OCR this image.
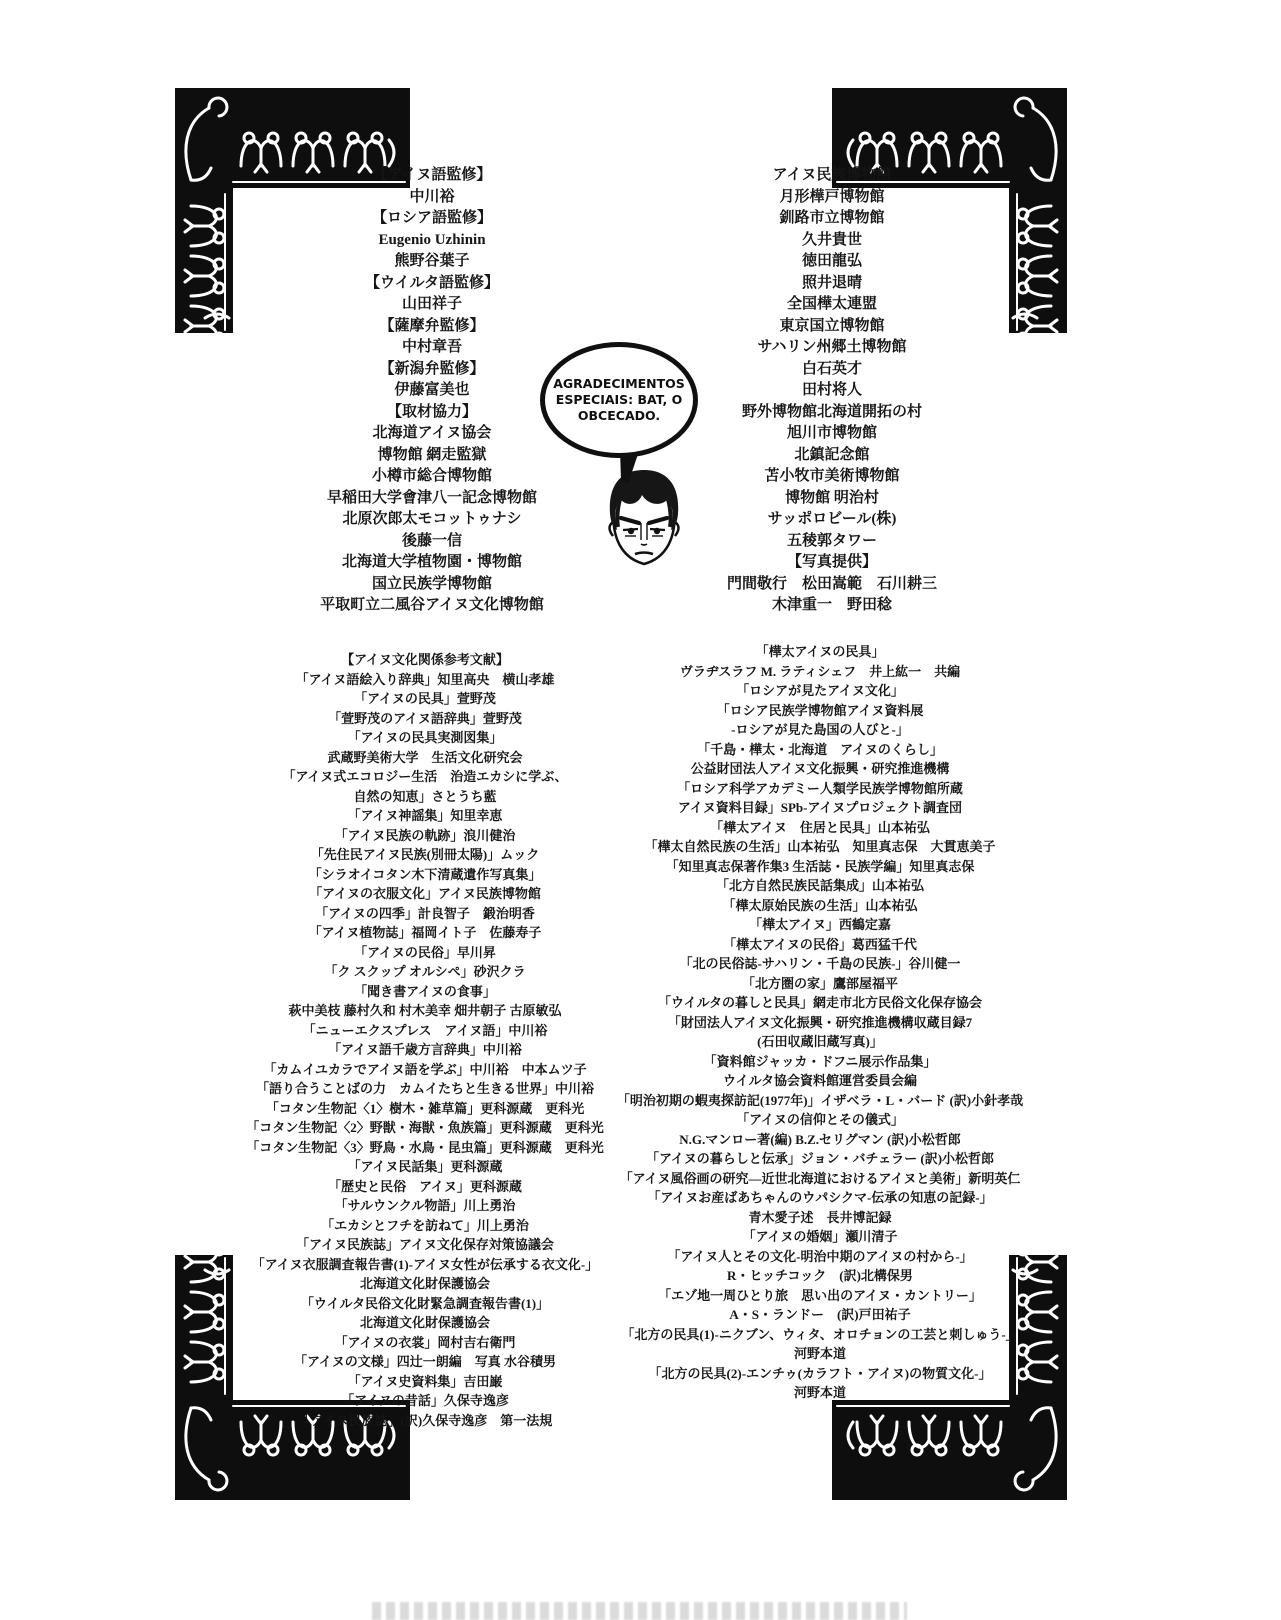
【アイヌ語監修】
中川裕
【ロシア語監修】
Eugenio Uzhinin
熊野谷葉子
【ウイルタ語監修】
山田祥子
【薩摩弁監修】
中村章吾
【新潟弁監修】
伊藤富美也
【取材協力】
北海道アイヌ協会
博物館 網走監獄
小樽市総合博物館
早稲田大学會津八一記念博物館
北原次郎太モコットゥナシ
後藤一信
北海道大学植物園・博物館
国立民族学博物館
平取町立二風谷アイヌ文化博物館
アイヌ民族博物館
月形樺戸博物館
釧路市立博物館
久井貴世
徳田龍弘
照井退晴
全国樺太連盟
東京国立博物館
サハリン州郷土博物館
白石英才
田村将人
野外博物館北海道開拓の村
旭川市博物館
北鎮記念館
苫小牧市美術博物館
博物館 明治村
サッポロビール(株)
五稜郭タワー
【写真提供】
門間敬行　松田嵩範　石川耕三
木津重一　野田稔
AGRADECIMENTOS ESPECIAIS: BAT, O OBCECADO.
【アイヌ文化関係参考文献】
「アイヌ語絵入り辞典」知里高央　横山孝雄
「アイヌの民具」萱野茂
「萱野茂のアイヌ語辞典」萱野茂
「アイヌの民具実測図集」
武蔵野美術大学　生活文化研究会
「アイヌ式エコロジー生活　治造エカシに学ぶ、
自然の知恵」さとうち藍
「アイヌ神謡集」知里幸恵
「アイヌ民族の軌跡」浪川健治
「先住民アイヌ民族(別冊太陽)」ムック
「シラオイコタン木下清蔵遺作写真集」
「アイヌの衣服文化」アイヌ民族博物館
「アイヌの四季」計良智子　鍛治明香
「アイヌ植物誌」福岡イト子　佐藤寿子
「アイヌの民俗」早川昇
「ク スクップ オルシペ」砂沢クラ
「聞き書アイヌの食事」
萩中美枝 藤村久和 村木美幸 畑井朝子 古原敏弘
「ニューエクスプレス　アイヌ語」中川裕
「アイヌ語千歳方言辞典」中川裕
「カムイユカラでアイヌ語を学ぶ」中川裕　中本ムツ子
「語り合うことばの力　カムイたちと生きる世界」中川裕
「コタン生物記〈1〉樹木・雑草篇」更科源蔵　更科光
「コタン生物記〈2〉野獣・海獣・魚族篇」更科源蔵　更科光
「コタン生物記〈3〉野鳥・水鳥・昆虫篇」更科源蔵　更科光
「アイヌ民話集」更科源蔵
「歴史と民俗　アイヌ」更科源蔵
「サルウンクル物語」川上勇治
「エカシとフチを訪ねて」川上勇治
「アイヌ民族誌」アイヌ文化保存対策協議会
「アイヌ衣服調査報告書(1)-アイヌ女性が伝承する衣文化-」
北海道文化財保護協会
「ウイルタ民俗文化財緊急調査報告書(1)」
北海道文化財保護協会
「アイヌの衣裳」岡村吉右衛門
「アイヌの文様」四辻一朗編　写真 水谷積男
「アイヌ史資料集」吉田巌
「アイヌの昔話」久保寺逸彦
「アイヌ民族誌」(訳)久保寺逸彦　第一法規
「樺太アイヌの民具」
ヴラヂスラフ M. ラティシェフ　井上紘一　共編
「ロシアが見たアイヌ文化」
「ロシア民族学博物館アイヌ資料展
-ロシアが見た島国の人びと-」
「千島・樺太・北海道　アイヌのくらし」
公益財団法人アイヌ文化振興・研究推進機構
「ロシア科学アカデミー人類学民族学博物館所蔵
アイヌ資料目録」SPb-アイヌプロジェクト調査団
「樺太アイヌ　住居と民具」山本祐弘
「樺太自然民族の生活」山本祐弘　知里真志保　大貫恵美子
「知里真志保著作集3 生活誌・民族学編」知里真志保
「北方自然民族民話集成」山本祐弘
「樺太原始民族の生活」山本祐弘
「樺太アイヌ」西鶴定嘉
「樺太アイヌの民俗」葛西猛千代
「北の民俗誌-サハリン・千島の民族-」谷川健一
「北方圏の家」鷹部屋福平
「ウイルタの暮しと民具」網走市北方民俗文化保存協会
「財団法人アイヌ文化振興・研究推進機構収蔵目録7
(石田収蔵旧蔵写真)」
「資料館ジャッカ・ドフニ展示作品集」
ウイルタ協会資料館運営委員会編
「明治初期の蝦夷探訪記(1977年)」イザベラ・L・バード (訳)小針孝哉
「アイヌの信仰とその儀式」
N.G.マンロー著(編) B.Z.セリグマン (訳)小松哲郎
「アイヌの暮らしと伝承」ジョン・バチェラー (訳)小松哲郎
「アイヌ風俗画の研究―近世北海道におけるアイヌと美術」新明英仁
「アイヌお産ばあちゃんのウパシクマ-伝承の知恵の記録-」
青木愛子述　長井博記録
「アイヌの婚姻」瀬川清子
「アイヌ人とその文化-明治中期のアイヌの村から-」
R・ヒッチコック　(訳)北構保男
「エゾ地一周ひとり旅　思い出のアイヌ・カントリー」
A・S・ランドー　(訳)戸田祐子
「北方の民具(1)-ニクブン、ウィタ、オロチョンの工芸と刺しゅう-」
河野本道
「北方の民具(2)-エンチゥ(カラフト・アイヌ)の物質文化-」
河野本道
